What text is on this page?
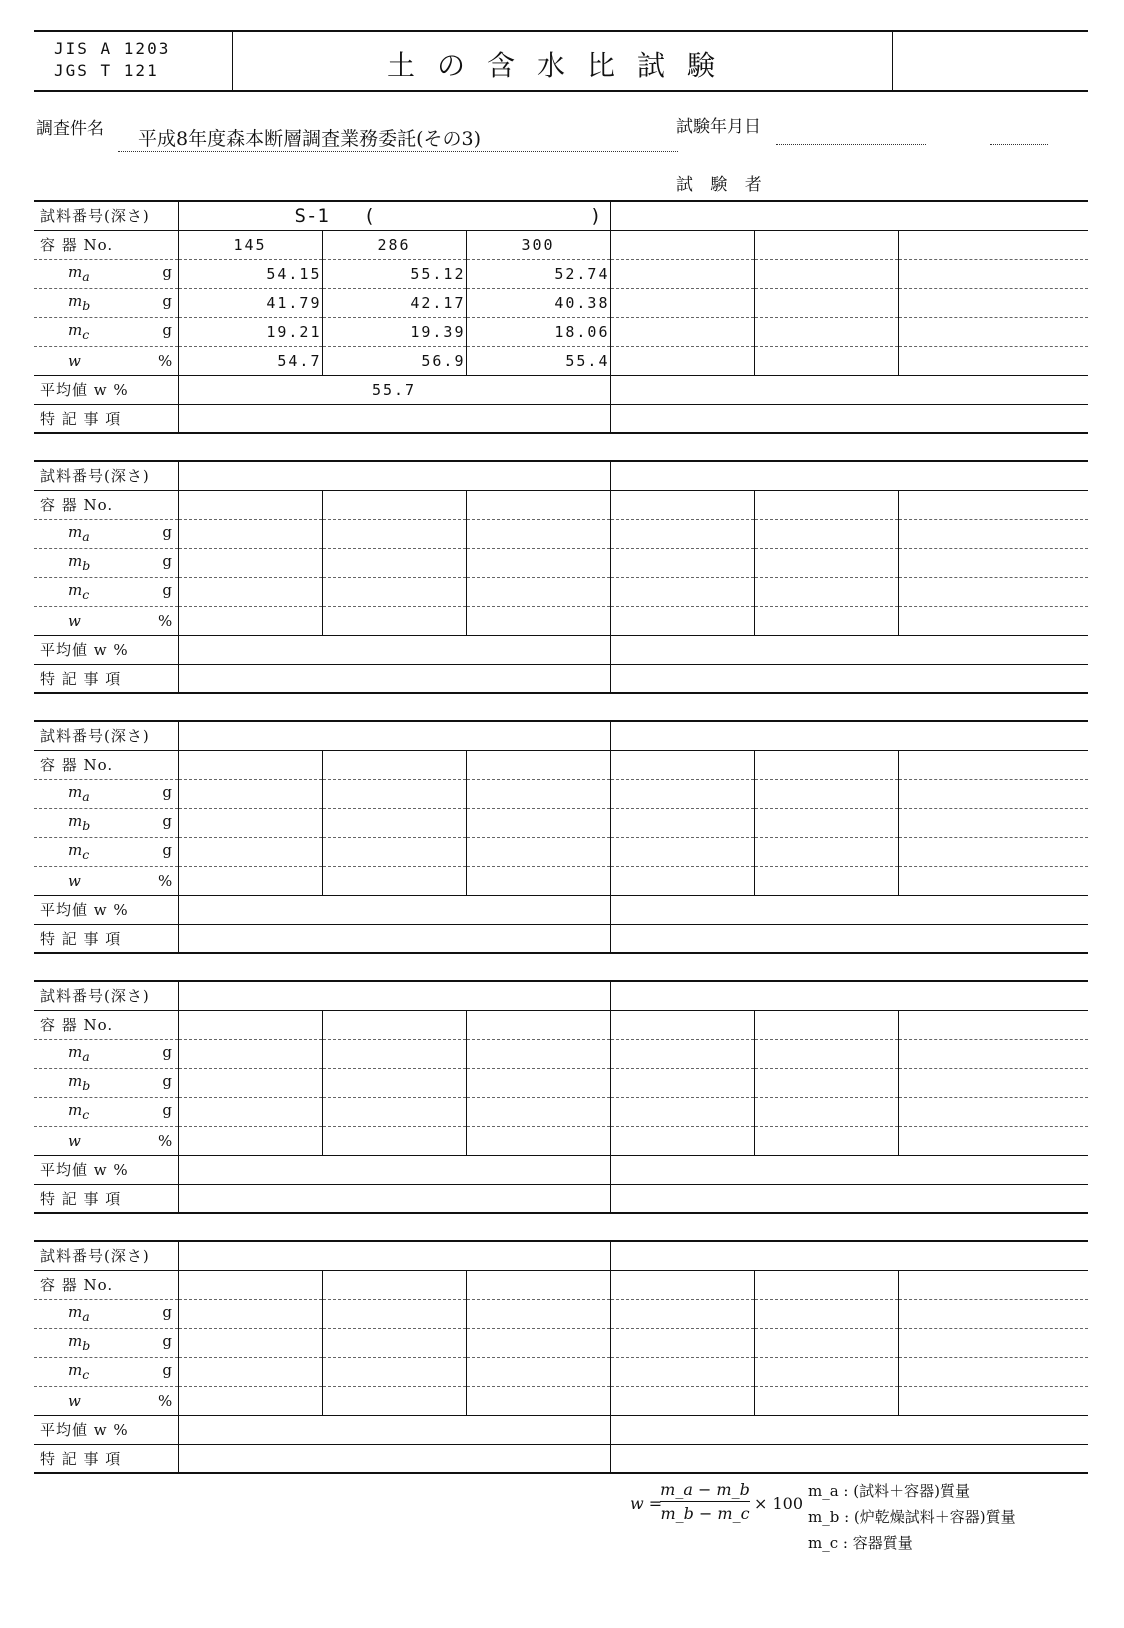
JIS A 1203
JGS T 121	土の含水比試験
調査件名	平成8年度森本断層調査業務委託(その3)
試験年月日
試 験 者
試料番号(深さ)	S-1 ( )					
容 器 No.	145	286	300			
$m_a$ g	54.15	55.12	52.74			
$m_b$ g	41.79	42.17	40.38			
$m_c$ g	19.21	19.39	18.06			
w %	54.7	56.9	55.4			
平均値 w %	55.7					
特 記 事 項						
試料番号(深さ)						
容 器 No.						
$m_a$ g						
$m_b$ g						
$m_c$ g						
w %						
平均値 w %						
特 記 事 項						
試料番号(深さ)						
容 器 No.						
$m_a$ g						
$m_b$ g						
$m_c$ g						
w %						
平均値 w %						
特 記 事 項						
試料番号(深さ)						
容 器 No.						
$m_a$ g						
$m_b$ g						
$m_c$ g						
w %						
平均値 w %						
特 記 事 項						
試料番号(深さ)						
容 器 No.						
$m_a$ g						
$m_b$ g						
$m_c$ g						
w %						
平均値 w %						
特 記 事 項						
w =
m_a − m_b
m_b − m_c
× 100
m_a : (試料＋容器)質量
m_b : (炉乾燥試料＋容器)質量
m_c : 容器質量
